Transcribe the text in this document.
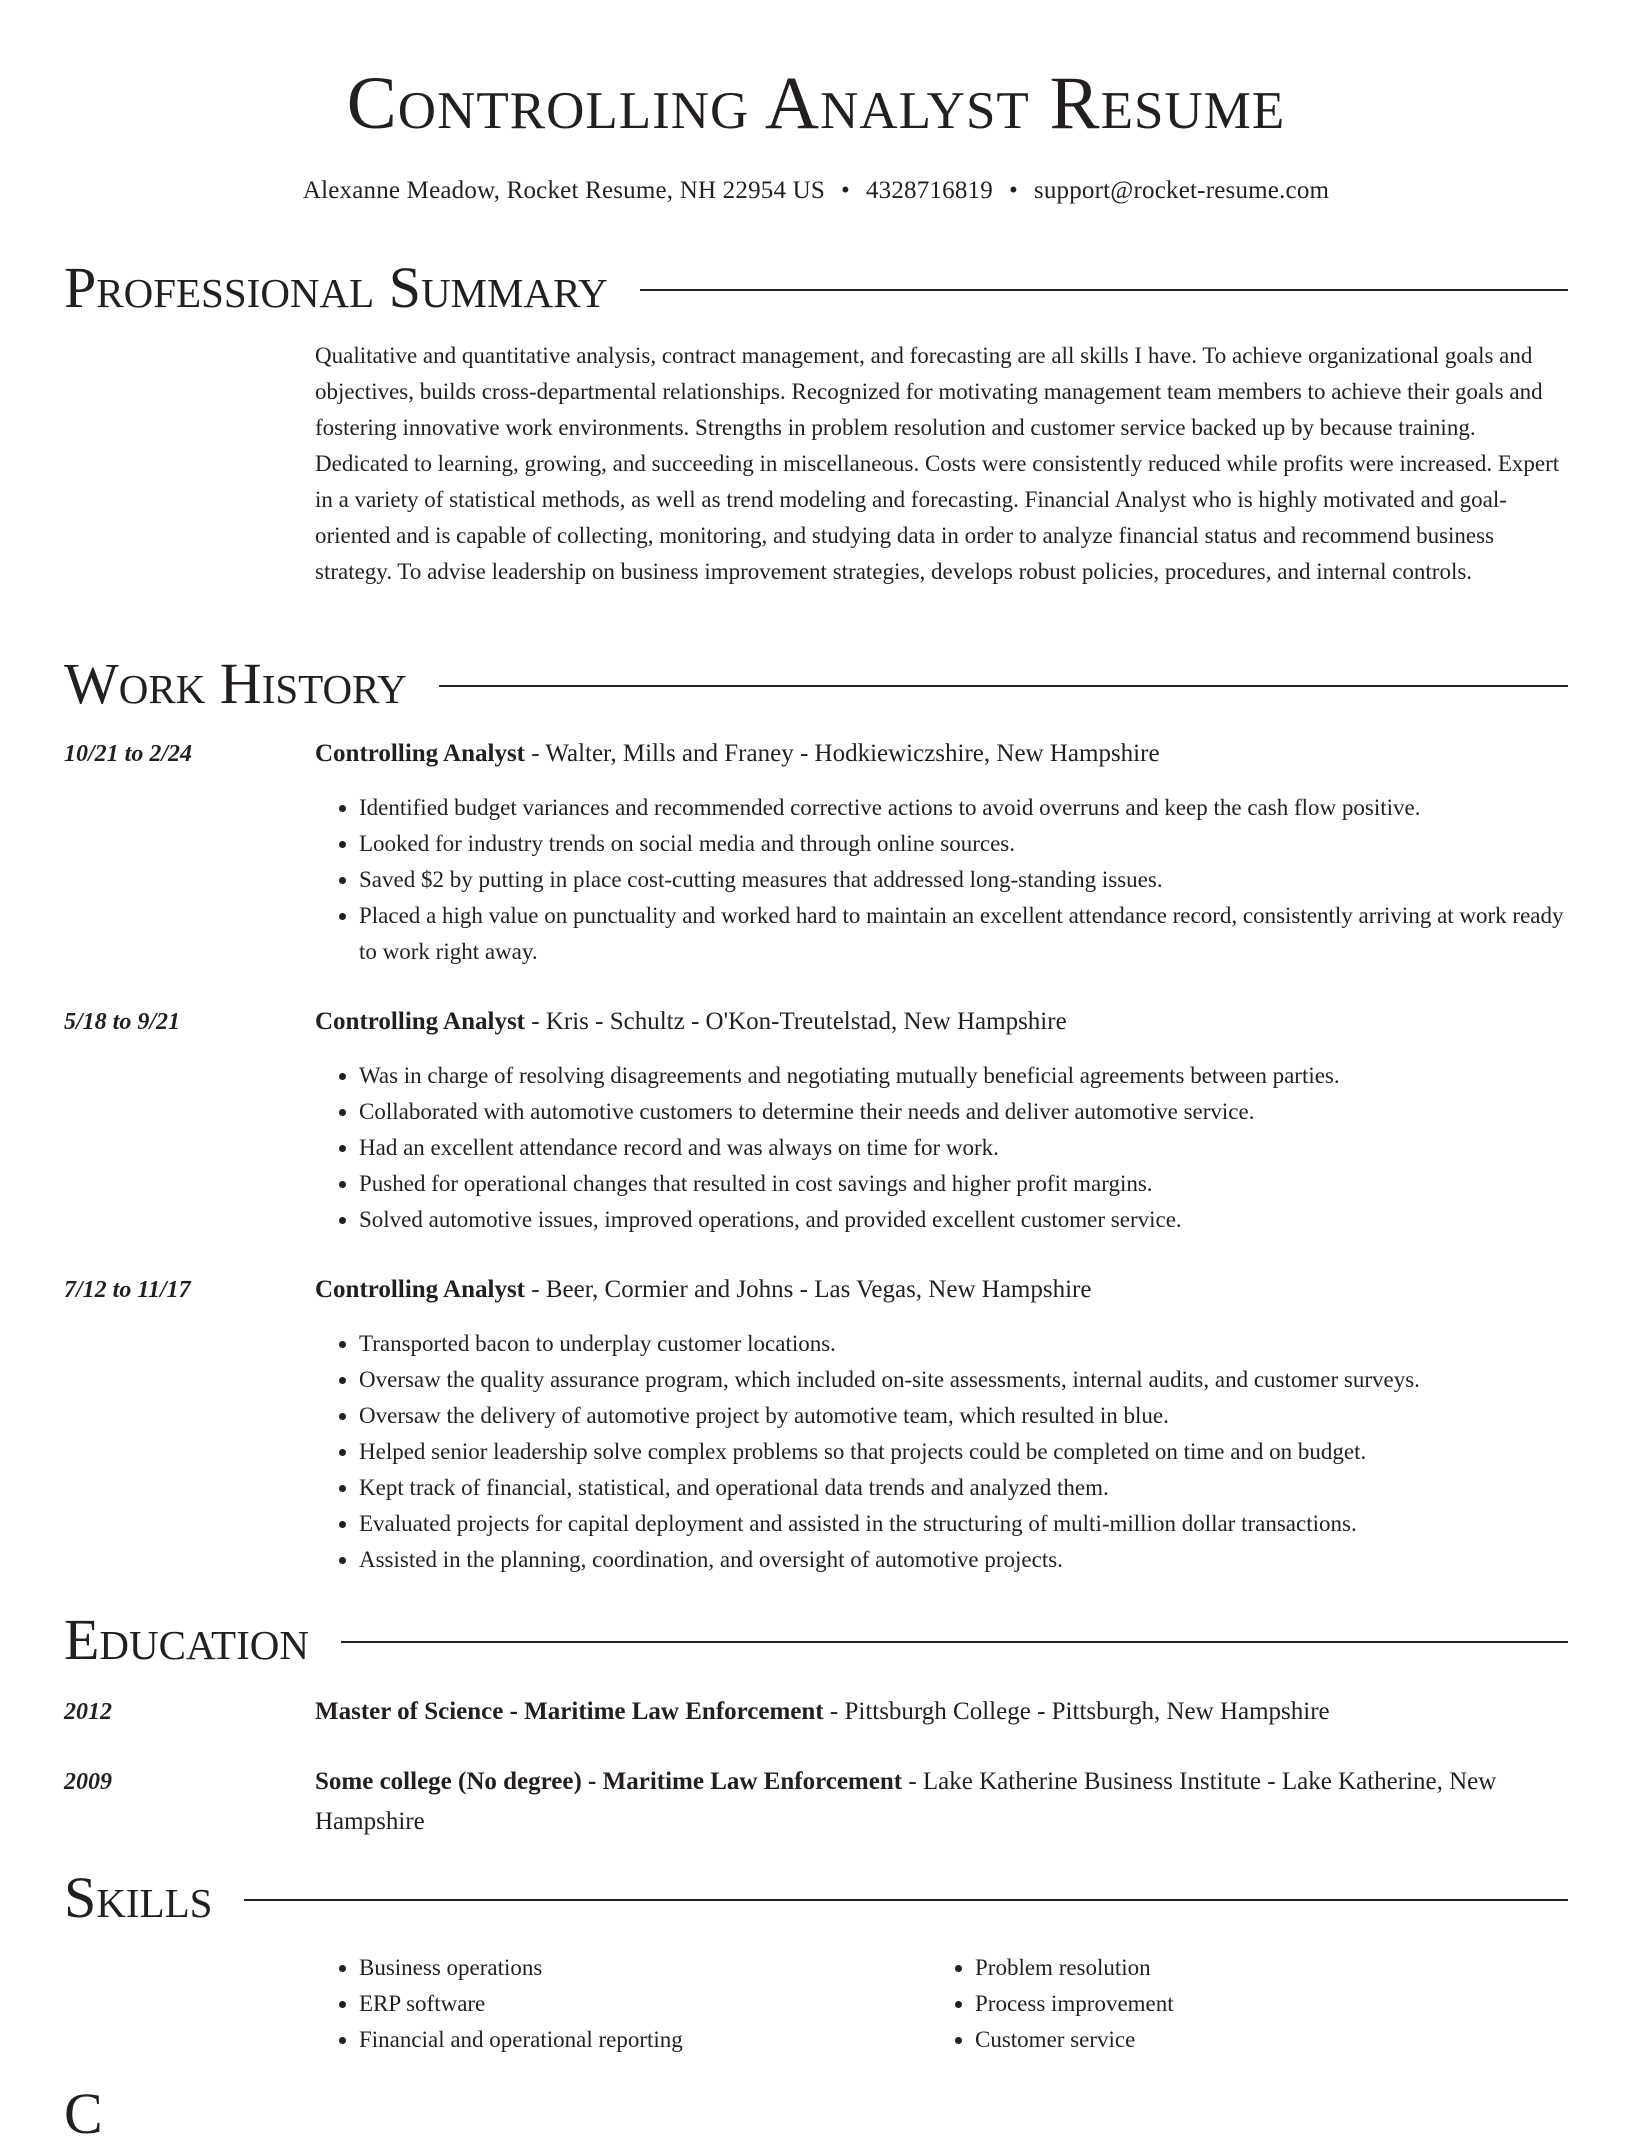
Controlling Analyst Resume
Alexanne Meadow, Rocket Resume, NH 22954 US • 4328716819 • support@rocket-resume.com
Professional Summary

Qualitative and quantitative analysis, contract management, and forecasting are all skills I have. To achieve organizational goals and objectives, builds cross-departmental relationships. Recognized for motivating management team members to achieve their goals and fostering innovative work environments. Strengths in problem resolution and customer service backed up by because training. Dedicated to learning, growing, and succeeding in miscellaneous. Costs were consistently reduced while profits were increased. Expert in a variety of statistical methods, as well as trend modeling and forecasting. Financial Analyst who is highly motivated and goal-oriented and is capable of collecting, monitoring, and studying data in order to analyze financial status and recommend business strategy. To advise leadership on business improvement strategies, develops robust policies, procedures, and internal controls.

Work History
10/21 to 2/24	Controlling Analyst - Walter, Mills and Franey - Hodkiewiczshire, New Hampshire
• Identified budget variances and recommended corrective actions to avoid overruns and keep the cash flow positive.
• Looked for industry trends on social media and through online sources.
• Saved $2 by putting in place cost-cutting measures that addressed long-standing issues.
• Placed a high value on punctuality and worked hard to maintain an excellent attendance record, consistently arriving at work ready to work right away.
5/18 to 9/21	Controlling Analyst - Kris - Schultz - O'Kon-Treutelstad, New Hampshire
• Was in charge of resolving disagreements and negotiating mutually beneficial agreements between parties.
• Collaborated with automotive customers to determine their needs and deliver automotive service.
• Had an excellent attendance record and was always on time for work.
• Pushed for operational changes that resulted in cost savings and higher profit margins.
• Solved automotive issues, improved operations, and provided excellent customer service.
7/12 to 11/17	Controlling Analyst - Beer, Cormier and Johns - Las Vegas, New Hampshire
• Transported bacon to underplay customer locations.
• Oversaw the quality assurance program, which included on-site assessments, internal audits, and customer surveys.
• Oversaw the delivery of automotive project by automotive team, which resulted in blue.
• Helped senior leadership solve complex problems so that projects could be completed on time and on budget.
• Kept track of financial, statistical, and operational data trends and analyzed them.
• Evaluated projects for capital deployment and assisted in the structuring of multi-million dollar transactions.
• Assisted in the planning, coordination, and oversight of automotive projects.
Education
2012	Master of Science - Maritime Law Enforcement - Pittsburgh College - Pittsburgh, New Hampshire
2009	Some college (No degree) - Maritime Law Enforcement - Lake Katherine Business Institute - Lake Katherine, New Hampshire
Skills
• Business operations
• ERP software
• Financial and operational reporting
• Problem resolution
• Process improvement
• Customer service
C
